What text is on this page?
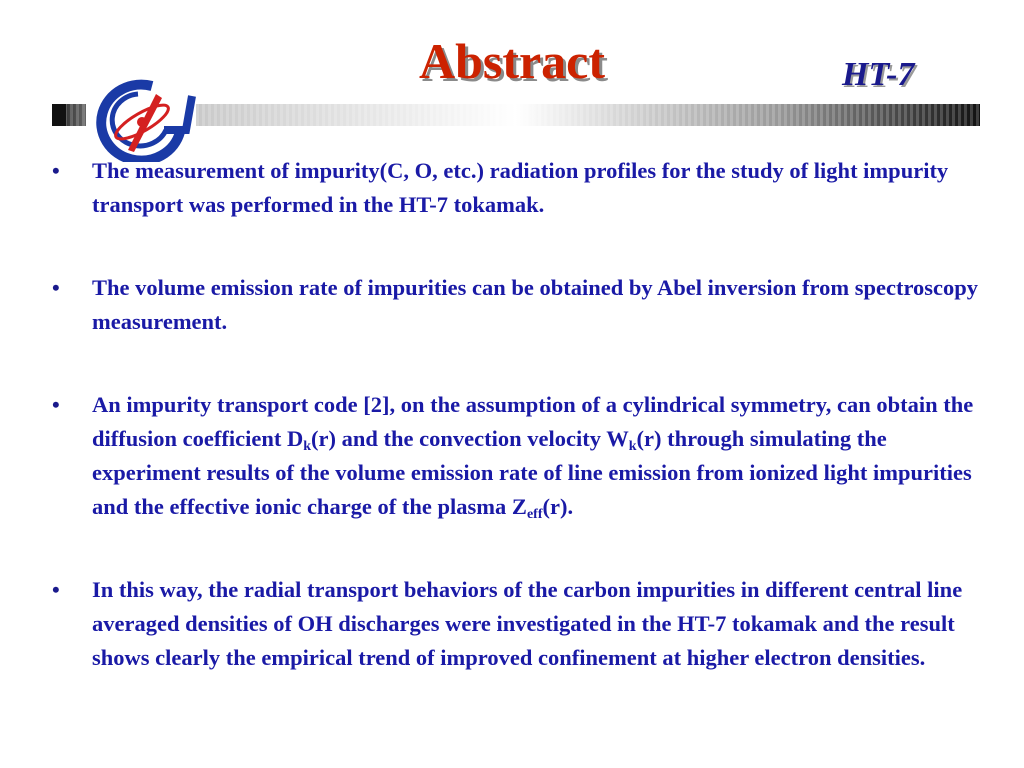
Abstract	HT-7
• The measurement of impurity(C, O, etc.) radiation profiles for the study of light impurity transport was performed in the HT-7 tokamak.
• The volume emission rate of impurities can be obtained by Abel inversion from spectroscopy measurement.
• An impurity transport code [2], on the assumption of a cylindrical symmetry, can obtain the diffusion coefficient $D_k(r)$ and the convection velocity $W_k(r)$ through simulating the experiment results of the volume emission rate of line emission from ionized light impurities and the effective ionic charge of the plasma $Z_{eff}(r)$.
• In this way, the radial transport behaviors of the carbon impurities in different central line averaged densities of OH discharges were investigated in the HT-7 tokamak and the result shows clearly the empirical trend of improved confinement at higher electron densities.
